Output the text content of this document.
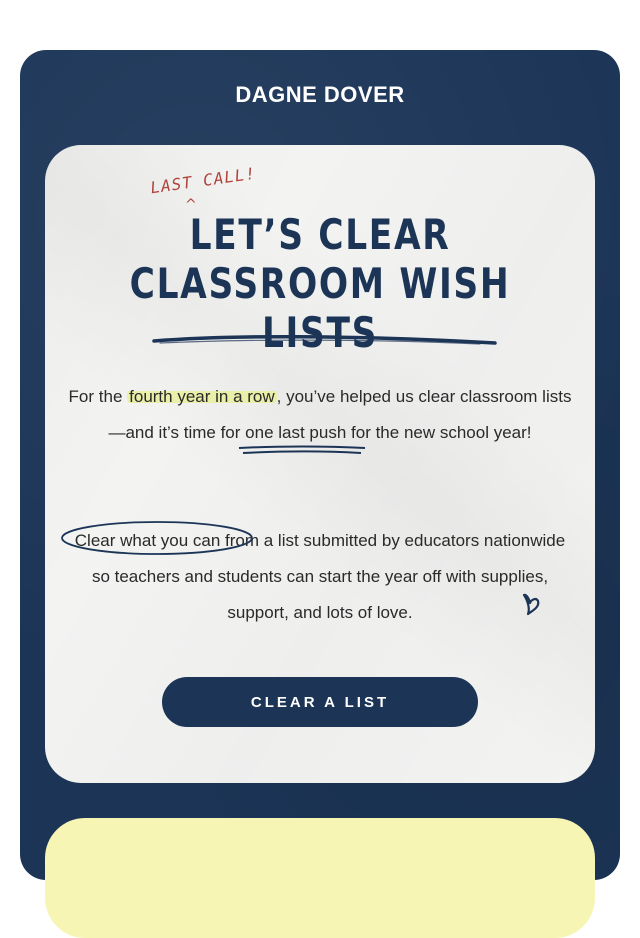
DAGNE DOVER
LAST CALL!
^
LET’S CLEAR
CLASSROOM WISH LISTS
For the fourth year in a row , you’ve helped us clear classroom lists—and it’s time for one last push
for the new school year!
Clear what you can
from a list submitted by educators nationwide so teachers and students can start the year off with supplies, support, and lots of love.
CLEAR A LIST
